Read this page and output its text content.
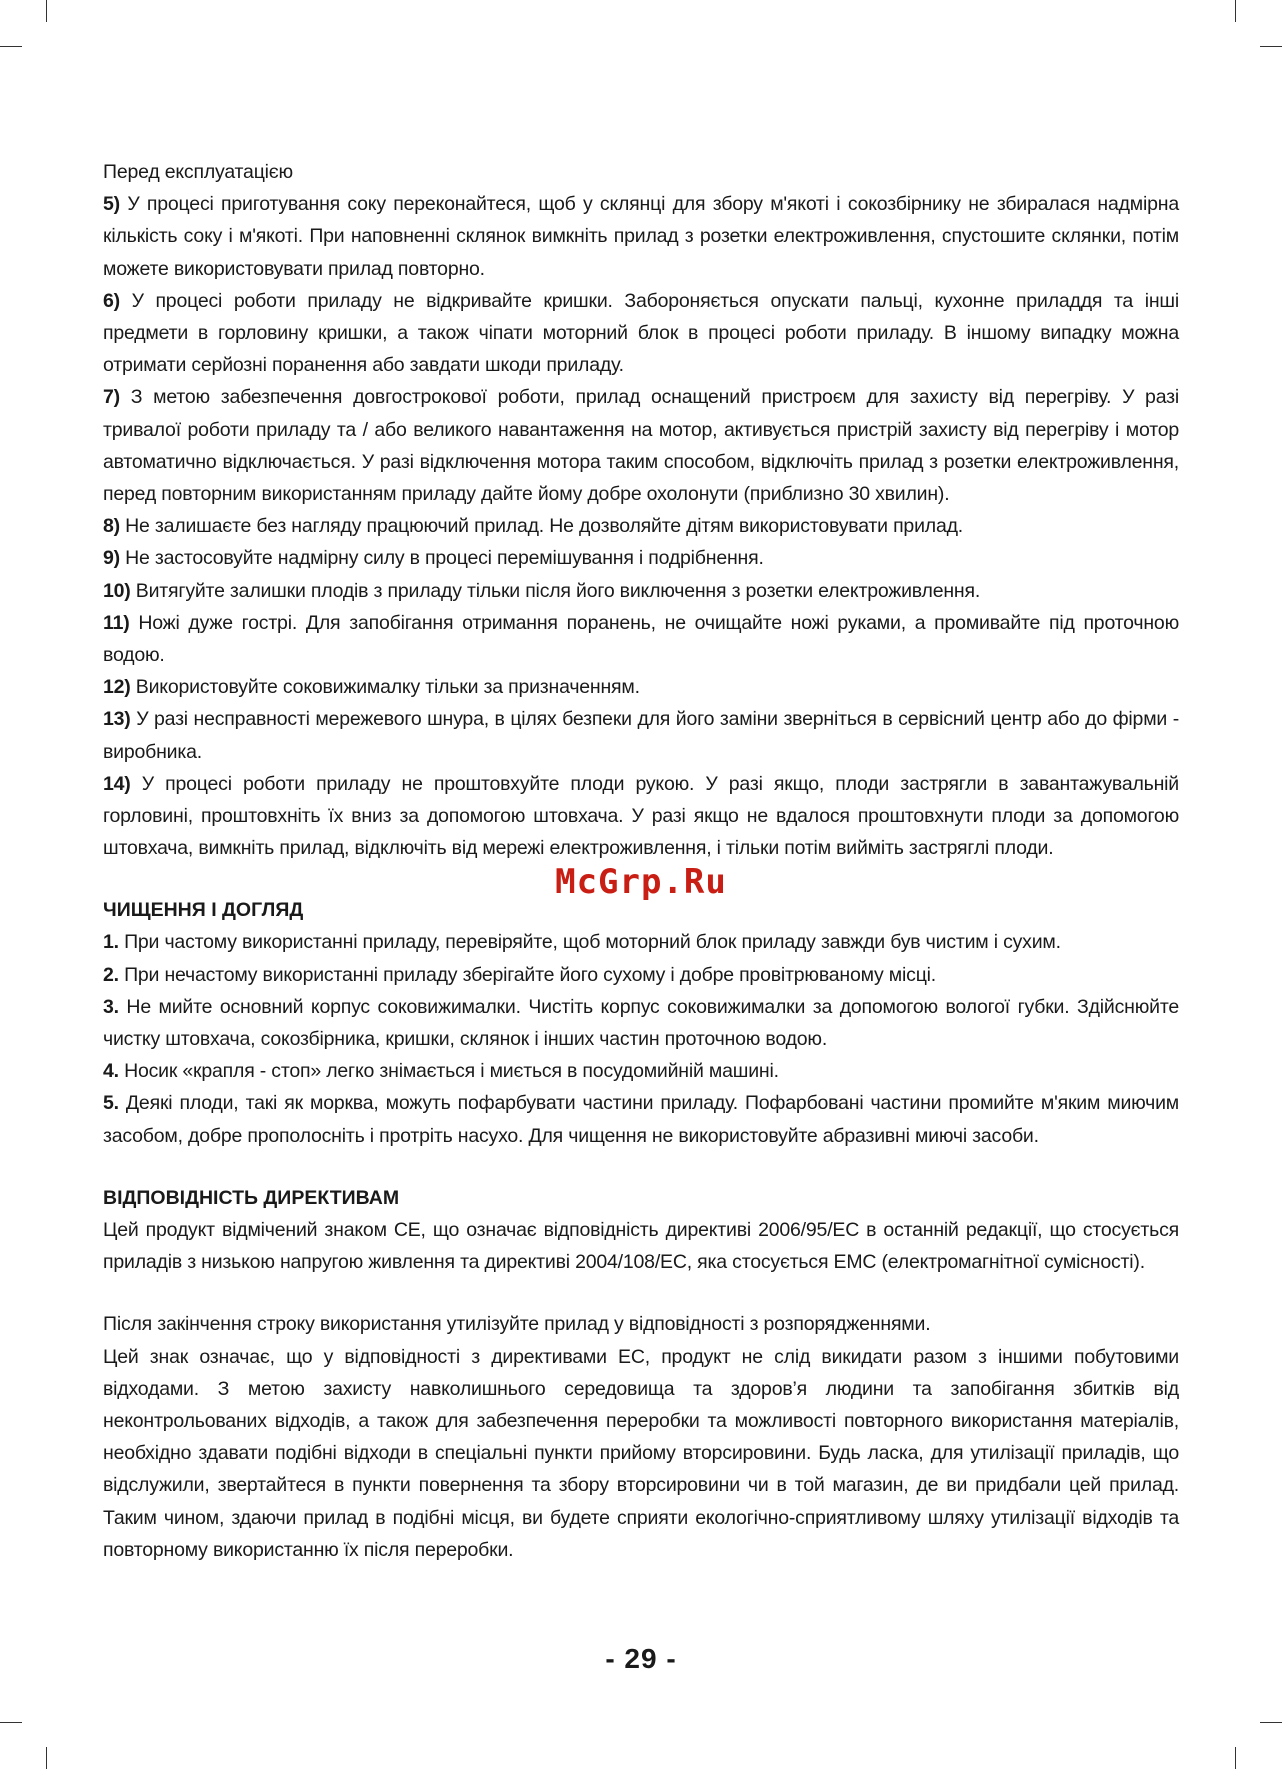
Перед експлуатацією

5) У процесі приготування соку переконайтеся, щоб у склянці для збору м'якоті і сокозбірнику не збиралася надмірна кількість соку і м'якоті. При наповненні склянок вимкніть прилад з розетки електроживлення, спустошите склянки, потім можете використовувати прилад повторно.

6) У процесі роботи приладу не відкривайте кришки. Забороняється опускати пальці, кухонне приладдя та інші предмети в горловину кришки, а також чіпати моторний блок в процесі роботи приладу. В іншому випадку можна отримати серйозні поранення або завдати шкоди приладу.

7) З метою забезпечення довгострокової роботи, прилад оснащений пристроєм для захисту від перегріву. У разі тривалої роботи приладу та / або великого навантаження на мотор, активується пристрій захисту від перегріву і мотор автоматично відключається. У разі відключення мотора таким способом, відключіть прилад з розетки електроживлення, перед повторним використанням приладу дайте йому добре охолонути (приблизно 30 хвилин).

8) Не залишаєте без нагляду працюючий прилад. Не дозволяйте дітям використовувати прилад.

9) Не застосовуйте надмірну силу в процесі перемішування і подрібнення.

10) Витягуйте залишки плодів з приладу тільки після його виключення з розетки електроживлення.

11) Ножі дуже гострі. Для запобігання отримання поранень, не очищайте ножі руками, а промивайте під проточною водою.

12) Використовуйте соковижималку тільки за призначенням.

13) У разі несправності мережевого шнура, в цілях безпеки для його заміни зверніться в сервісний центр або до фірми - виробника.

14) У процесі роботи приладу не проштовхуйте плоди рукою. У разі якщо, плоди застрягли в завантажувальній горловині, проштовхніть їх вниз за допомогою штовхача. У разі якщо не вдалося проштовхнути плоди за допомогою штовхача, вимкніть прилад, відключіть від мережі електроживлення, і тільки потім вийміть застряглі плоди.

ЧИЩЕННЯ І ДОГЛЯД

1. При частому використанні приладу, перевіряйте, щоб моторний блок приладу завжди був чистим і сухим.

2. При нечастому використанні приладу зберігайте його сухому і добре провітрюваному місці.

3. Не мийте основний корпус соковижималки. Чистіть корпус соковижималки за допомогою вологої губки. Здійснюйте чистку штовхача, сокозбірника, кришки, склянок і інших частин проточною водою.

4. Носик «крапля - стоп» легко знімається і миється в посудомийній машині.

5. Деякі плоди, такі як морква, можуть пофарбувати частини приладу. Пофарбовані частини промийте м'яким миючим засобом, добре прополосніть і протріть насухо. Для чищення не використовуйте абразивні миючі засоби.

ВІДПОВІДНІСТЬ ДИРЕКТИВАМ

Цей продукт відмічений знаком СЕ, що означає відповідність директиві 2006/95/ЕС в останній редакції, що стосується приладів з низькою напругою живлення та директиві 2004/108/ЕС, яка стосується ЕМС (електромагнітної сумісності).

Після закінчення строку використання утилізуйте прилад у відповідності з розпорядженнями.

Цей знак означає, що у відповідності з директивами ЕС, продукт не слід викидати разом з іншими побутовими відходами. З метою захисту навколишнього середовища та здоров’я людини та запобігання збитків від неконтрольованих відходів, а також для забезпечення переробки та можливості повторного використання матеріалів, необхідно здавати подібні відходи в спеціальні пункти прийому вторсировини. Будь ласка, для утилізації приладів, що відслужили, звертайтеся в пункти повернення та збору вторсировини чи в той магазин, де ви придбали цей прилад. Таким чином, здаючи прилад в подібні місця, ви будете сприяти екологічно-сприятливому шляху утилізації відходів та повторному використанню їх після переробки.

McGrp.Ru
- 29 -
